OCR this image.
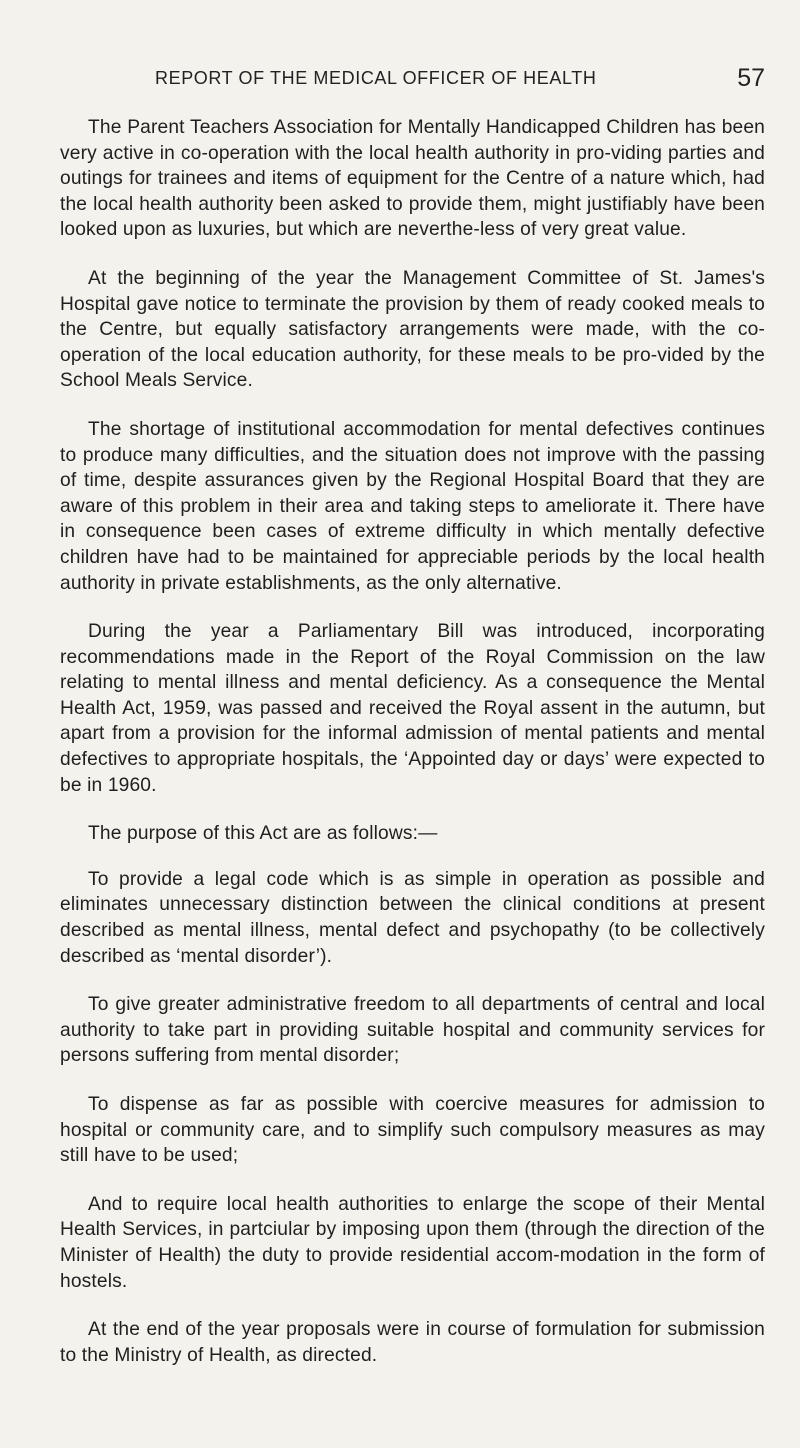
REPORT OF THE MEDICAL OFFICER OF HEALTH	57

The Parent Teachers Association for Mentally Handicapped Children has been very active in co-operation with the local health authority in pro-viding parties and outings for trainees and items of equipment for the Centre of a nature which, had the local health authority been asked to provide them, might justifiably have been looked upon as luxuries, but which are neverthe-less of very great value.

At the beginning of the year the Management Committee of St. James's Hospital gave notice to terminate the provision by them of ready cooked meals to the Centre, but equally satisfactory arrangements were made, with the co-operation of the local education authority, for these meals to be pro-vided by the School Meals Service.

The shortage of institutional accommodation for mental defectives continues to produce many difficulties, and the situation does not improve with the passing of time, despite assurances given by the Regional Hospital Board that they are aware of this problem in their area and taking steps to ameliorate it. There have in consequence been cases of extreme difficulty in which mentally defective children have had to be maintained for appreciable periods by the local health authority in private establishments, as the only alternative.

During the year a Parliamentary Bill was introduced, incorporating recommendations made in the Report of the Royal Commission on the law relating to mental illness and mental deficiency. As a consequence the Mental Health Act, 1959, was passed and received the Royal assent in the autumn, but apart from a provision for the informal admission of mental patients and mental defectives to appropriate hospitals, the ‘Appointed day or days’ were expected to be in 1960.

The purpose of this Act are as follows:—

To provide a legal code which is as simple in operation as possible and eliminates unnecessary distinction between the clinical conditions at present described as mental illness, mental defect and psychopathy (to be collectively described as ‘mental disorder’).

To give greater administrative freedom to all departments of central and local authority to take part in providing suitable hospital and community services for persons suffering from mental disorder;

To dispense as far as possible with coercive measures for admission to hospital or community care, and to simplify such compulsory measures as may still have to be used;

And to require local health authorities to enlarge the scope of their Mental Health Services, in partciular by imposing upon them (through the direction of the Minister of Health) the duty to provide residential accom-modation in the form of hostels.

At the end of the year proposals were in course of formulation for submission to the Ministry of Health, as directed.
